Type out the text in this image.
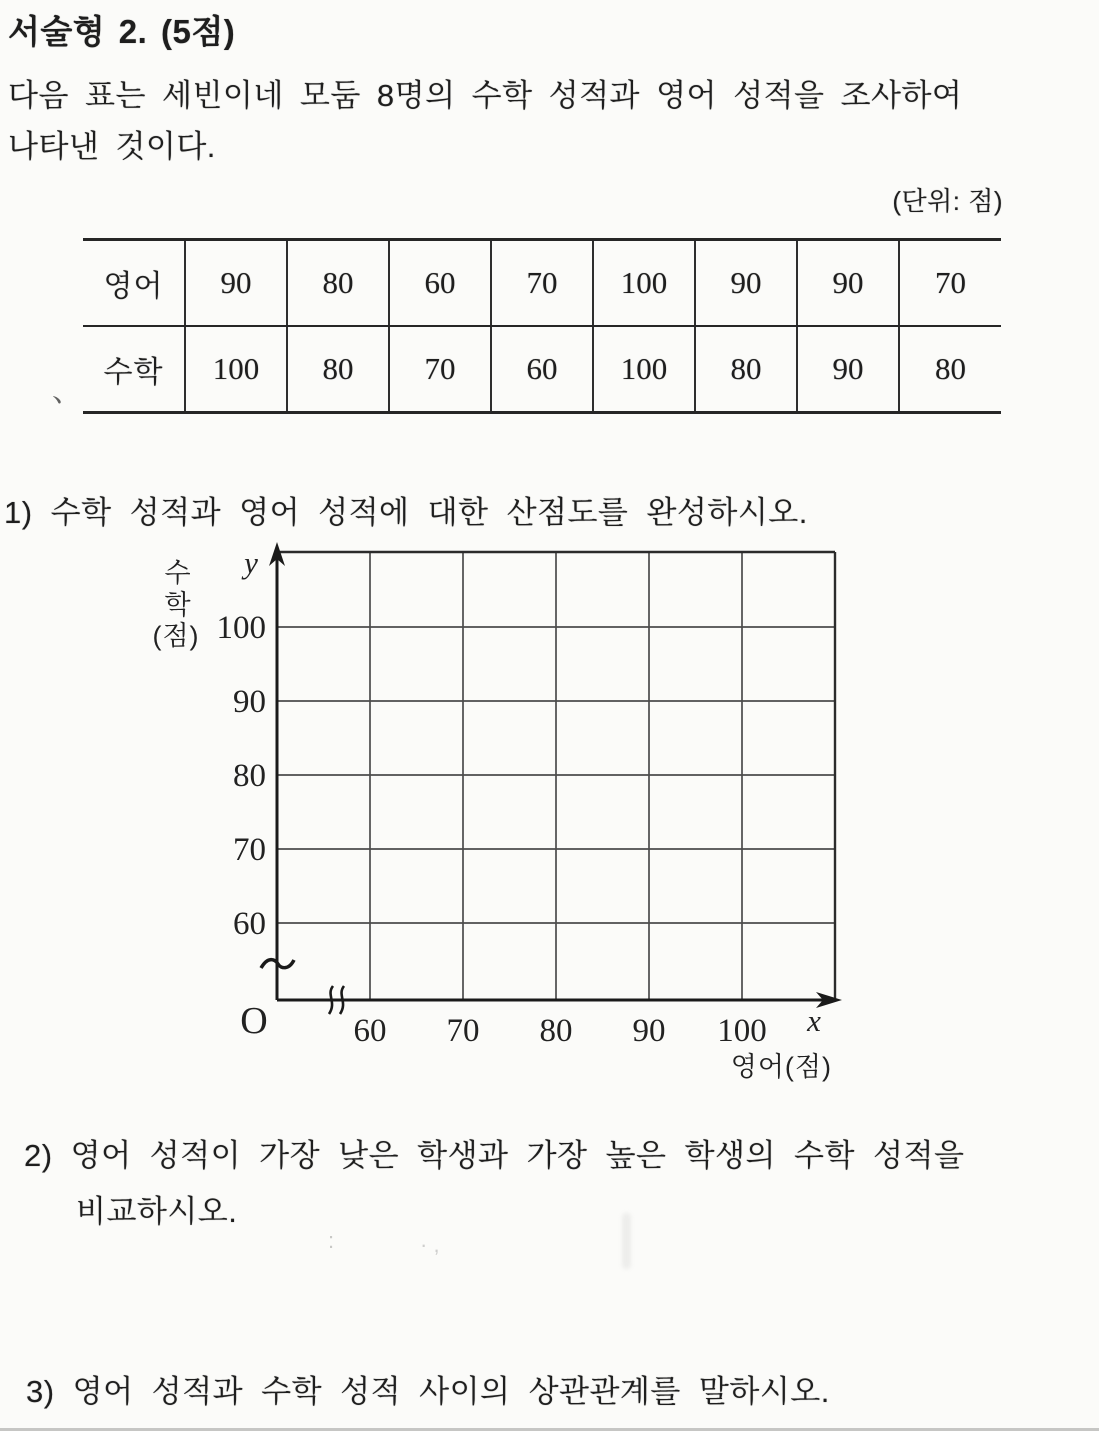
서술형 2. (5점)
다음 표는 세빈이네 모둠 8명의 수학 성적과 영어 성적을 조사하여
나타낸 것이다.
(단위: 점)
영어	90	80	60	70	100	90	90	70
수학	100	80	70	60	100	80	90	80
、
1) 수학 성적과 영어 성적에 대한 산점도를 완성하시오.
y
x
O
100
90
80
70
60
60 70 80 90 100
수
학
(점)
영어(점)
2) 영어 성적이 가장 낮은 학생과 가장 높은 학생의 수학 성적을
비교하시오.
:	· ,
3) 영어 성적과 수학 성적 사이의 상관관계를 말하시오.
